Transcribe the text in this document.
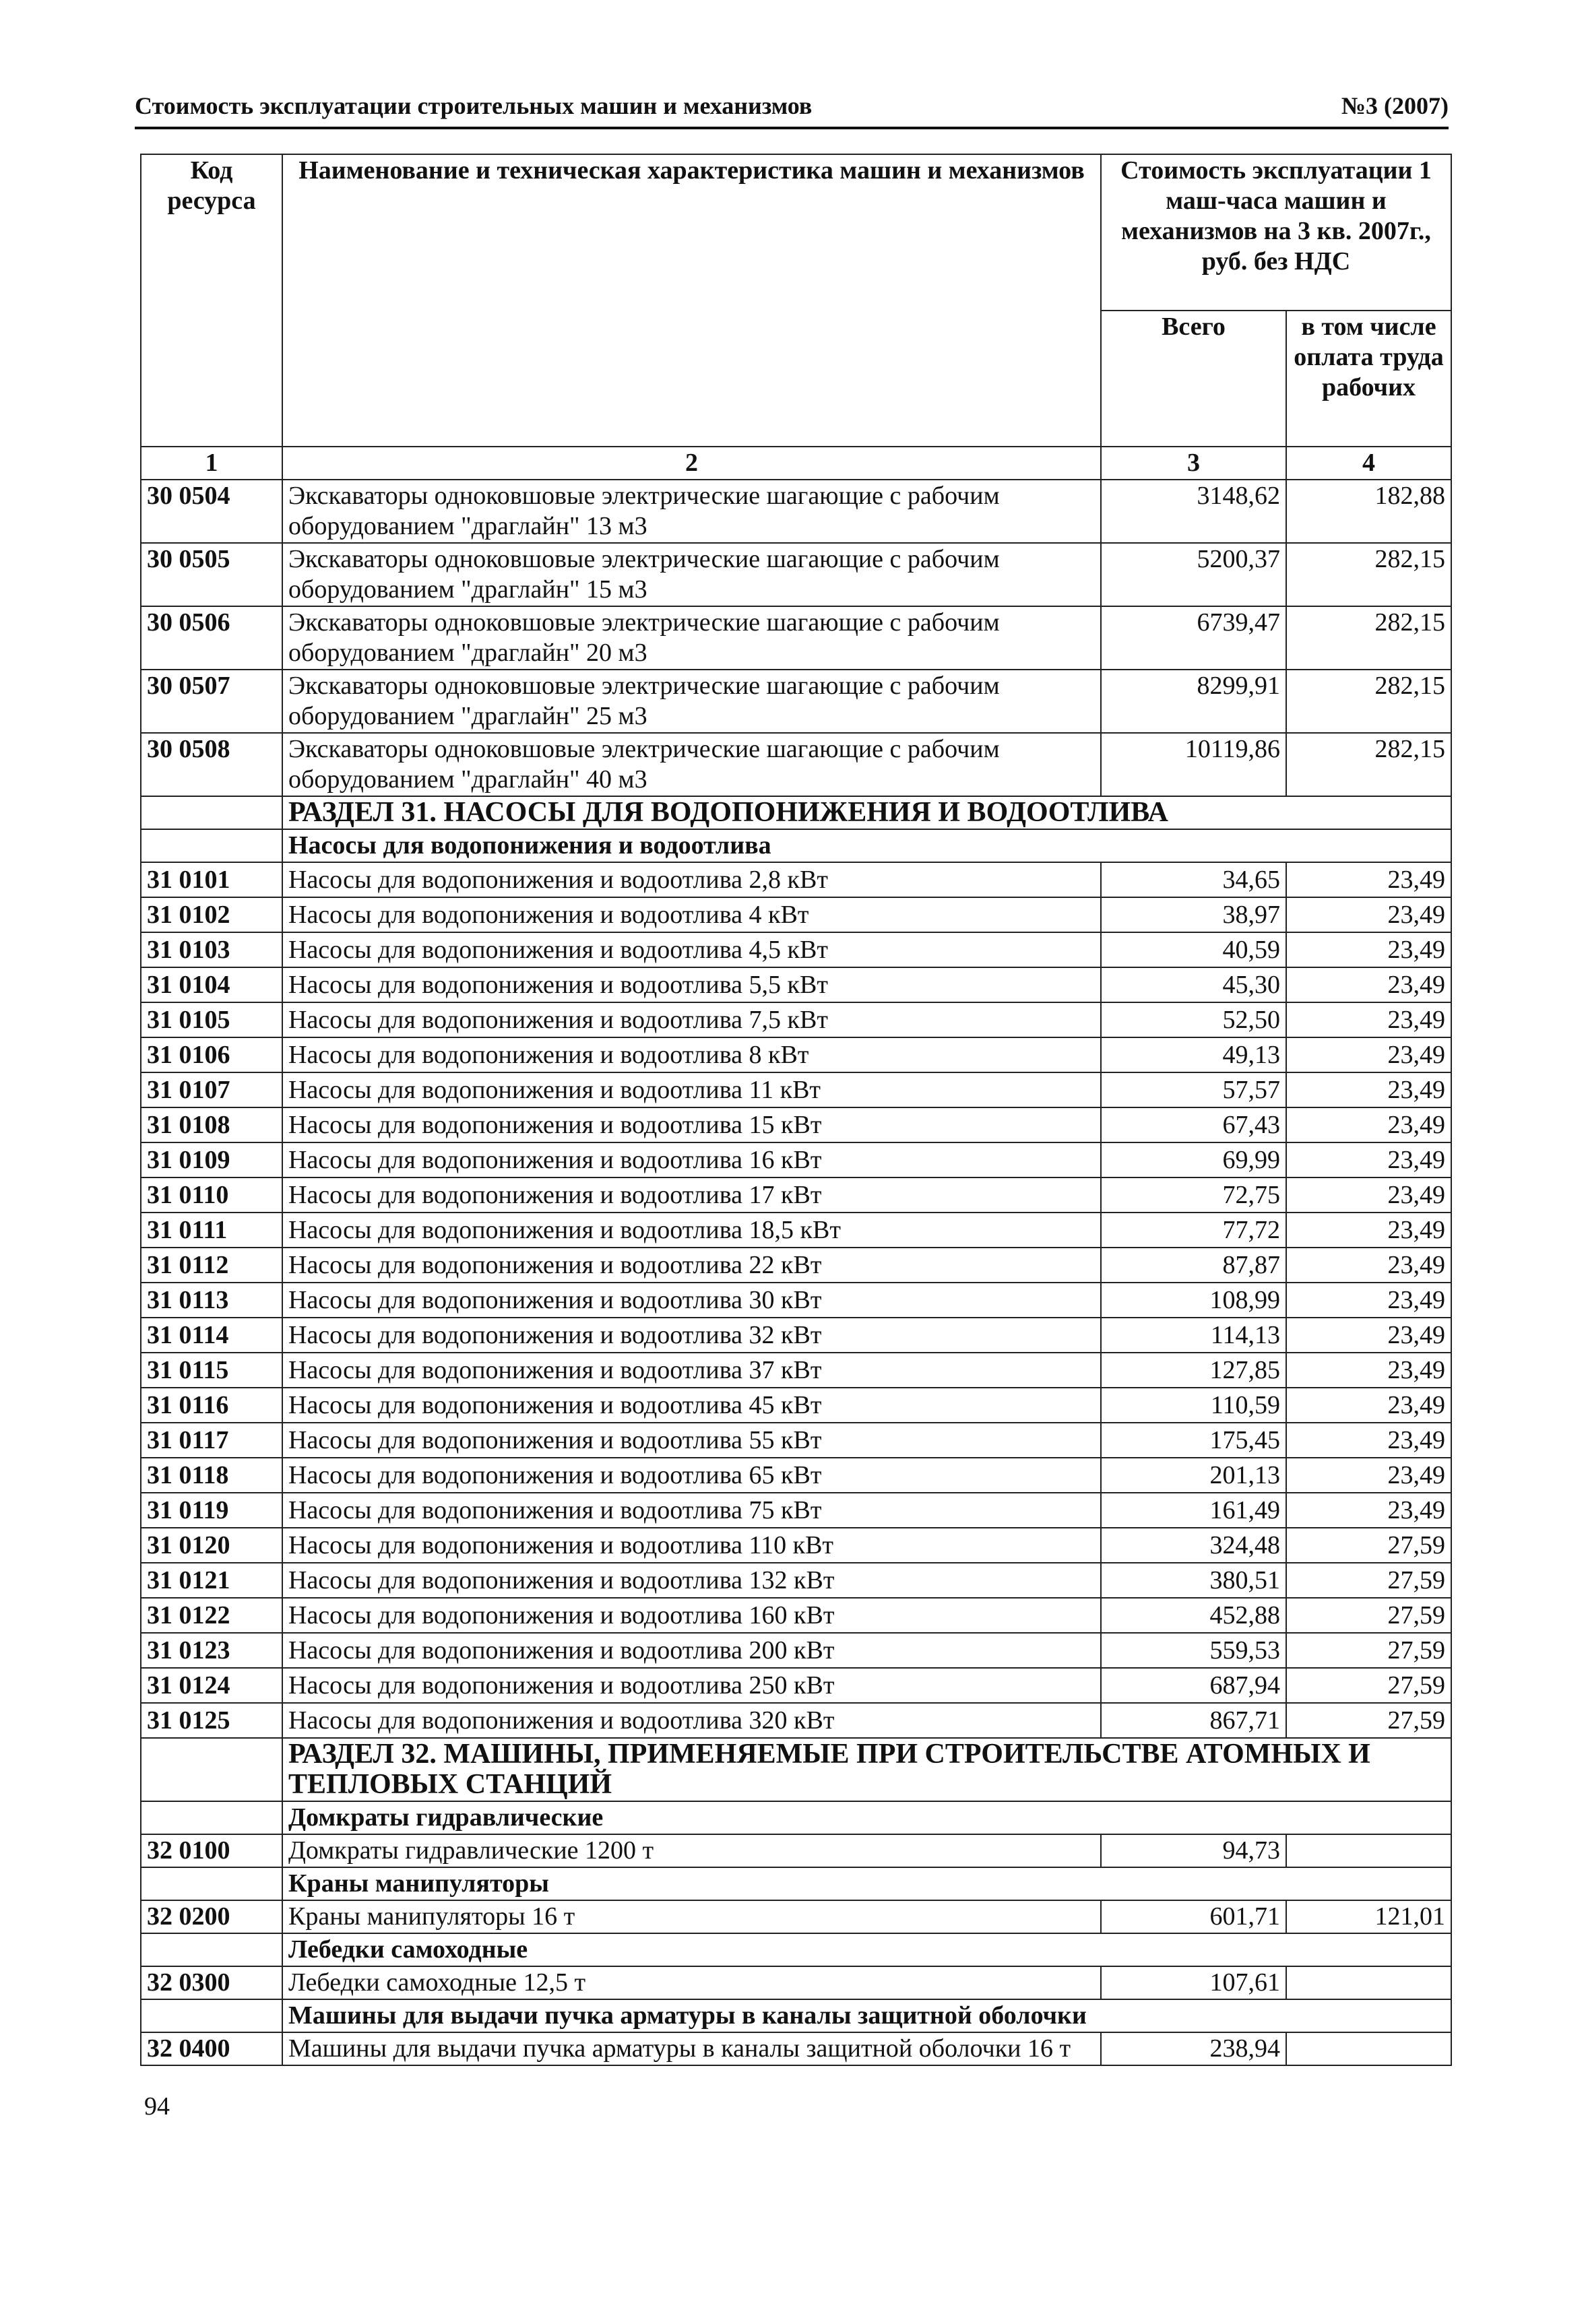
Стоимость эксплуатации строительных машин и механизмов	№3 (2007)
Код ресурса	Наименование и техническая характеристика машин и механизмов	Стоимость эксплуатации 1 маш-часа машин и механизмов на 3 кв. 2007г., руб. без НДС	
		Всего	в том числе оплата труда рабочих
1	2	3	4
30 0504	Экскаваторы одноковшовые электрические шагающие с рабочим оборудованием "драглайн" 13 м3	3148,62	182,88
30 0505	Экскаваторы одноковшовые электрические шагающие с рабочим оборудованием "драглайн" 15 м3	5200,37	282,15
30 0506	Экскаваторы одноковшовые электрические шагающие с рабочим оборудованием "драглайн" 20 м3	6739,47	282,15
30 0507	Экскаваторы одноковшовые электрические шагающие с рабочим оборудованием "драглайн" 25 м3	8299,91	282,15
30 0508	Экскаваторы одноковшовые электрические шагающие с рабочим оборудованием "драглайн" 40 м3	10119,86	282,15
	РАЗДЕЛ 31. НАСОСЫ ДЛЯ ВОДОПОНИЖЕНИЯ И ВОДООТЛИВА		
	Насосы для водопонижения и водоотлива		
31 0101	Насосы для водопонижения и водоотлива 2,8 кВт	34,65	23,49
31 0102	Насосы для водопонижения и водоотлива 4 кВт	38,97	23,49
31 0103	Насосы для водопонижения и водоотлива 4,5 кВт	40,59	23,49
31 0104	Насосы для водопонижения и водоотлива 5,5 кВт	45,30	23,49
31 0105	Насосы для водопонижения и водоотлива 7,5 кВт	52,50	23,49
31 0106	Насосы для водопонижения и водоотлива 8 кВт	49,13	23,49
31 0107	Насосы для водопонижения и водоотлива 11 кВт	57,57	23,49
31 0108	Насосы для водопонижения и водоотлива 15 кВт	67,43	23,49
31 0109	Насосы для водопонижения и водоотлива 16 кВт	69,99	23,49
31 0110	Насосы для водопонижения и водоотлива 17 кВт	72,75	23,49
31 0111	Насосы для водопонижения и водоотлива 18,5 кВт	77,72	23,49
31 0112	Насосы для водопонижения и водоотлива 22 кВт	87,87	23,49
31 0113	Насосы для водопонижения и водоотлива 30 кВт	108,99	23,49
31 0114	Насосы для водопонижения и водоотлива 32 кВт	114,13	23,49
31 0115	Насосы для водопонижения и водоотлива 37 кВт	127,85	23,49
31 0116	Насосы для водопонижения и водоотлива 45 кВт	110,59	23,49
31 0117	Насосы для водопонижения и водоотлива 55 кВт	175,45	23,49
31 0118	Насосы для водопонижения и водоотлива 65 кВт	201,13	23,49
31 0119	Насосы для водопонижения и водоотлива 75 кВт	161,49	23,49
31 0120	Насосы для водопонижения и водоотлива 110 кВт	324,48	27,59
31 0121	Насосы для водопонижения и водоотлива 132 кВт	380,51	27,59
31 0122	Насосы для водопонижения и водоотлива 160 кВт	452,88	27,59
31 0123	Насосы для водопонижения и водоотлива 200 кВт	559,53	27,59
31 0124	Насосы для водопонижения и водоотлива 250 кВт	687,94	27,59
31 0125	Насосы для водопонижения и водоотлива 320 кВт	867,71	27,59
	РАЗДЕЛ 32. МАШИНЫ, ПРИМЕНЯЕМЫЕ ПРИ СТРОИТЕЛЬСТВЕ АТОМНЫХ И ТЕПЛОВЫХ СТАНЦИЙ		
	Домкраты гидравлические		
32 0100	Домкраты гидравлические 1200 т	94,73	
	Краны манипуляторы		
32 0200	Краны манипуляторы 16 т	601,71	121,01
	Лебедки самоходные		
32 0300	Лебедки самоходные 12,5 т	107,61	
	Машины для выдачи пучка арматуры в каналы защитной оболочки		
32 0400	Машины для выдачи пучка арматуры в каналы защитной оболочки 16 т	238,94	
94
